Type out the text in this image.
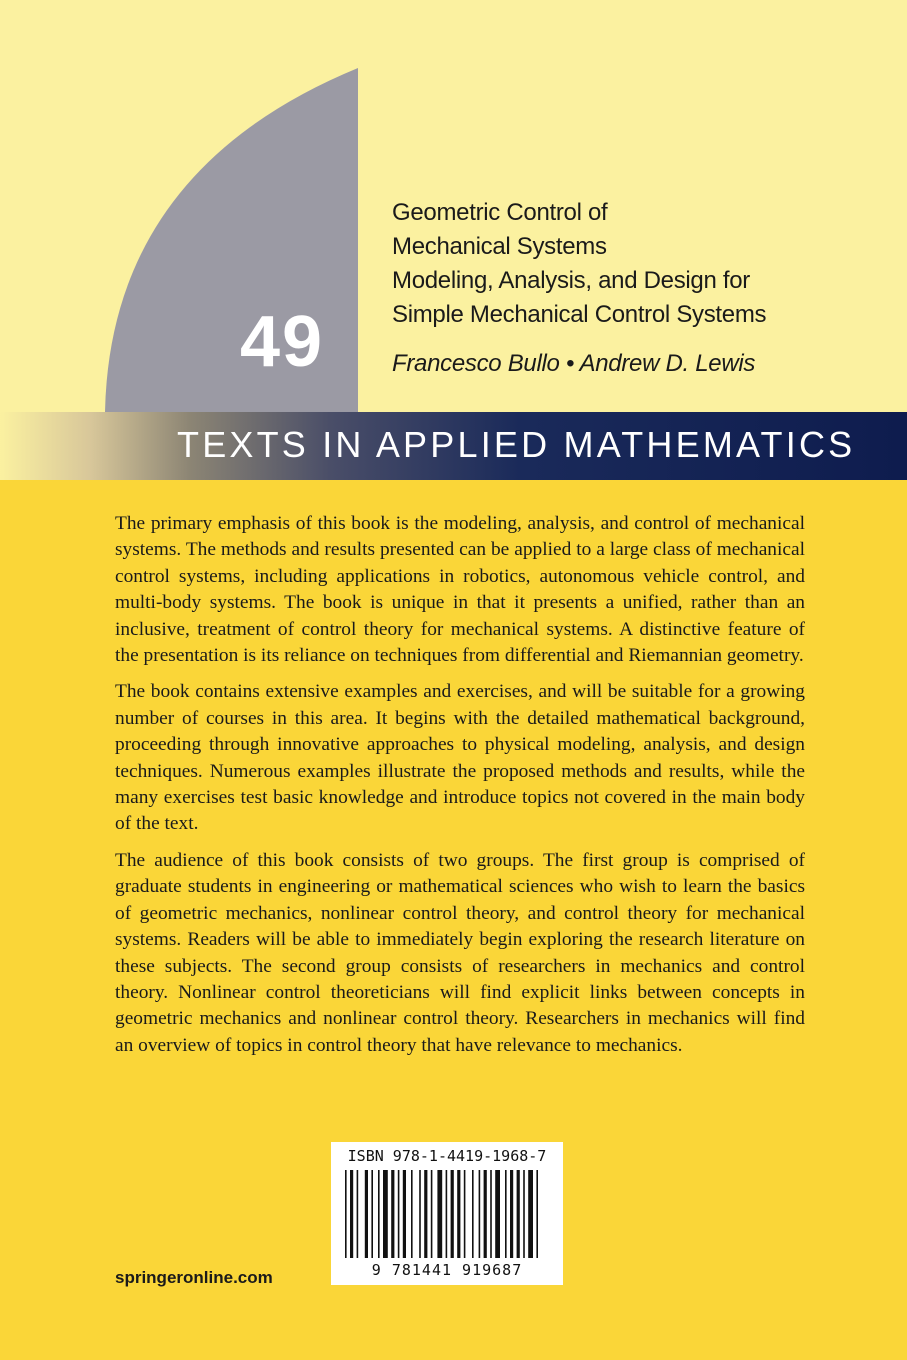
49
Geometric Control of
Mechanical Systems
Modeling, Analysis, and Design for
Simple Mechanical Control Systems
Francesco Bullo • Andrew D. Lewis
TEXTS IN APPLIED MATHEMATICS

The primary emphasis of this book is the modeling, analysis, and control of mechanical systems. The methods and results presented can be applied to a large class of mechanical control systems, including applications in robotics, autonomous vehicle control, and multi-body systems. The book is unique in that it presents a unified, rather than an inclusive, treatment of control theory for mechanical systems. A distinctive feature of the presentation is its reliance on techniques from differential and Riemannian geometry.

The book contains extensive examples and exercises, and will be suitable for a growing number of courses in this area. It begins with the detailed mathematical background, proceeding through innovative approaches to physical modeling, analysis, and design techniques. Numerous examples illustrate the proposed methods and results, while the many exercises test basic knowledge and introduce topics not covered in the main body of the text.

The audience of this book consists of two groups. The first group is comprised of graduate students in engineering or mathematical sciences who wish to learn the basics of geometric mechanics, nonlinear control theory, and control theory for mechanical systems. Readers will be able to immediately begin exploring the research literature on these subjects. The second group consists of researchers in mechanics and control theory. Nonlinear control theoreticians will find explicit links between concepts in geometric mechanics and nonlinear control theory. Researchers in mechanics will find an overview of topics in control theory that have relevance to mechanics.

ISBN 978-1-4419-1968-7
9 781441 919687
springeronline.com
